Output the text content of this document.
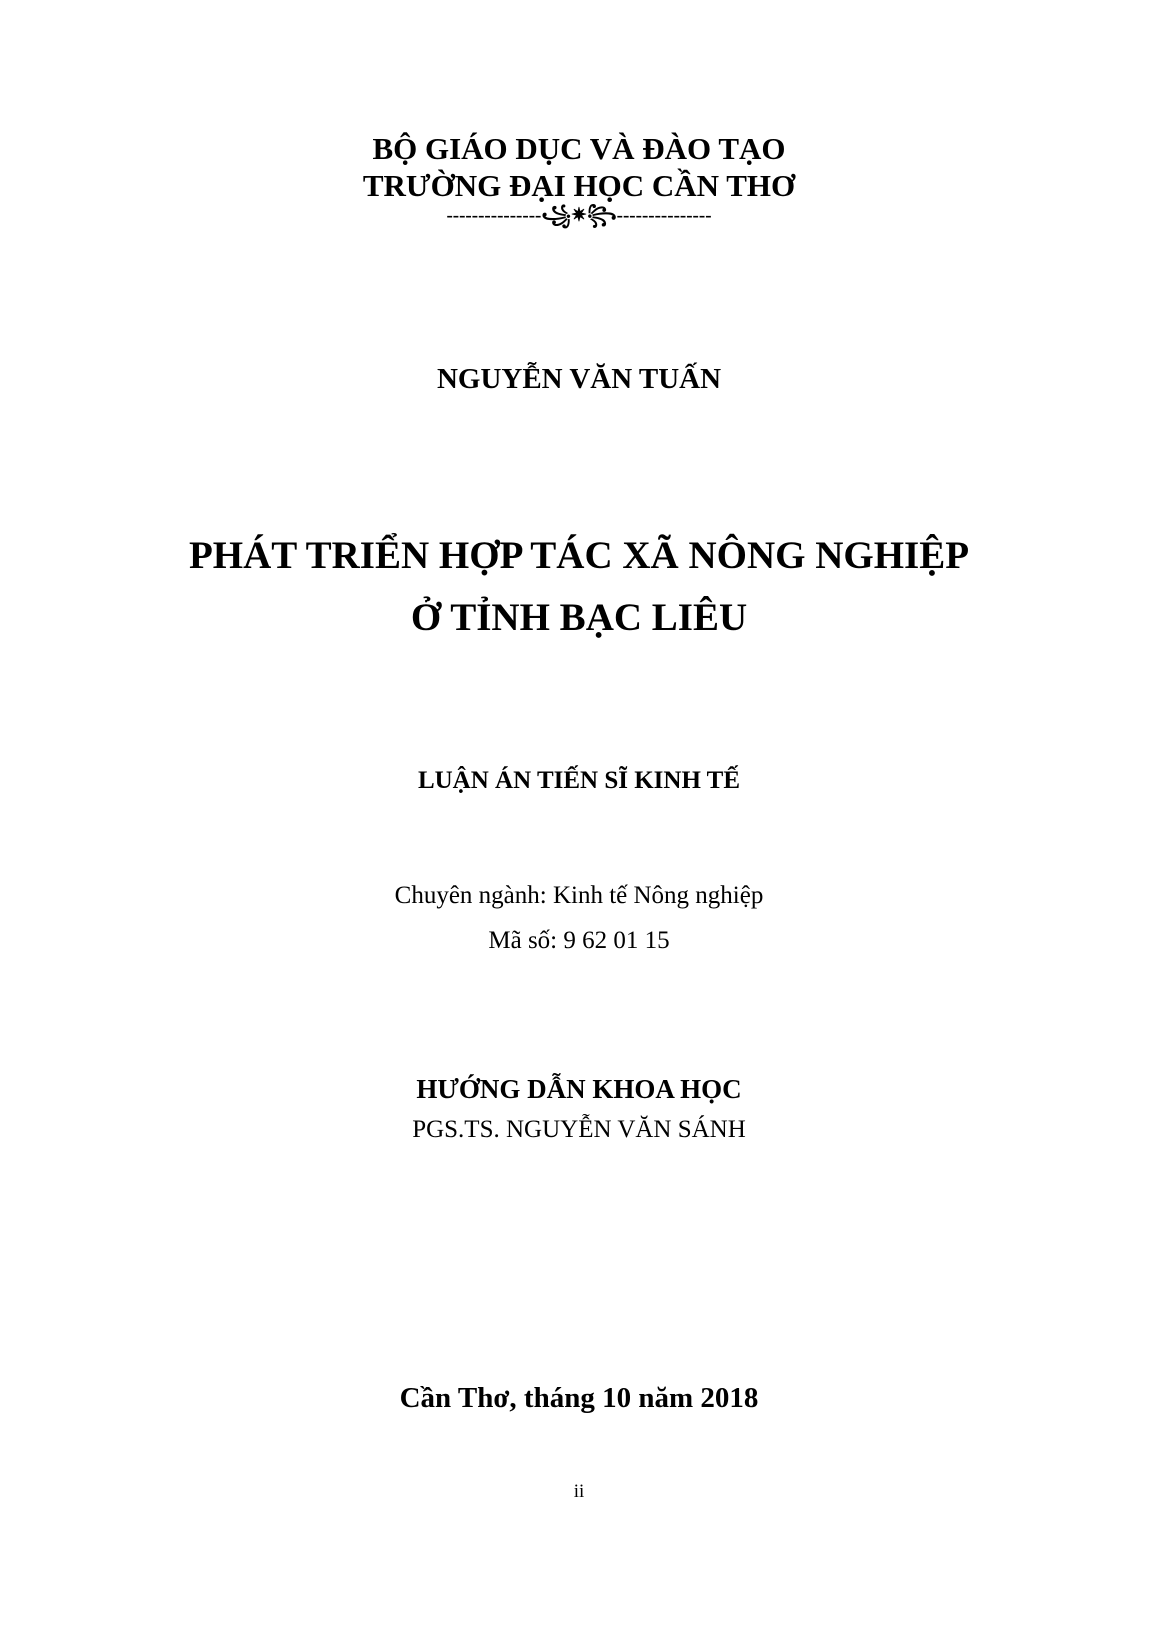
BỘ GIÁO DỤC VÀ ĐÀO TẠO
TRƯỜNG ĐẠI HỌC CẦN THƠ
---------------꧁✷꧂---------------
NGUYỄN VĂN TUẤN
PHÁT TRIỂN HỢP TÁC XÃ NÔNG NGHIỆP
Ở TỈNH BẠC LIÊU
LUẬN ÁN TIẾN SĨ KINH TẾ
Chuyên ngành: Kinh tế Nông nghiệp
Mã số: 9 62 01 15
HƯỚNG DẪN KHOA HỌC
PGS.TS. NGUYỄN VĂN SÁNH
Cần Thơ, tháng 10 năm 2018
ii
